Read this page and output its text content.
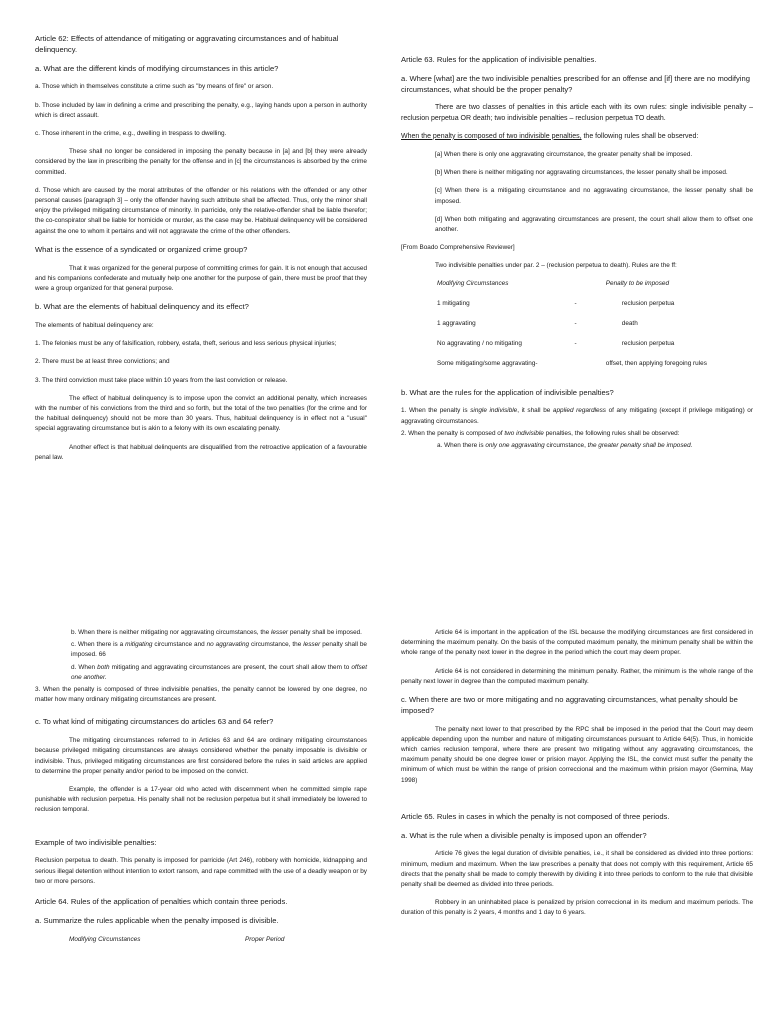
Article 62: Effects of attendance of mitigating or aggravating circumstances and of habitual delinquency.
a. What are the different kinds of modifying circumstances in this article?
a. Those which in themselves constitute a crime such as "by means of fire" or arson.
b. Those included by law in defining a crime and prescribing the penalty, e.g., laying hands upon a person in authority which is direct assault.
c. Those inherent in the crime, e.g., dwelling in trespass to dwelling.
These shall no longer be considered in imposing the penalty because in [a] and [b] they were already considered by the law in prescribing the penalty for the offense and in [c] the circumstances is absorbed by the crime committed.
d. Those which are caused by the moral attributes of the offender or his relations with the offended or any other personal causes [paragraph 3] – only the offender having such attribute shall be affected. Thus, only the minor shall enjoy the privileged mitigating circumstance of minority. In parricide, only the relative-offender shall be liable therefor; the co-conspirator shall be liable for homicide or murder, as the case may be. Habitual delinquency will be considered against the one to whom it pertains and will not aggravate the crime of the other offenders.
What is the essence of a syndicated or organized crime group?
That it was organized for the general purpose of committing crimes for gain. It is not enough that accused and his companions confederate and mutually help one another for the purpose of gain, there must be proof that they were a group organized for that general purpose.
b. What are the elements of habitual delinquency and its effect?
The elements of habitual delinquency are:
1. The felonies must be any of falsification, robbery, estafa, theft, serious and less serious physical injuries;
2. There must be at least three convictions; and
3. The third conviction must take place within 10 years from the last conviction or release.
The effect of habitual delinquency is to impose upon the convict an additional penalty, which increases with the number of his convictions from the third and so forth, but the total of the two penalties (for the crime and for the habitual delinquency) should not be more than 30 years. Thus, habitual delinquency is in effect not a "usual" special aggravating circumstance but is akin to a felony with its own escalating penalty.
Another effect is that habitual delinquents are disqualified from the retroactive application of a favourable penal law.
Article 63. Rules for the application of indivisible penalties.
a. Where [what] are the two indivisible penalties prescribed for an offense and [if] there are no modifying circumstances, what should be the proper penalty?
There are two classes of penalties in this article each with its own rules: single indivisible penalty – reclusion perpetua OR death; two indivisible penalties – reclusion perpetua TO death.
When the penalty is composed of two indivisible penalties, the following rules shall be observed:
[a] When there is only one aggravating circumstance, the greater penalty shall be imposed.
[b] When there is neither mitigating nor aggravating circumstances, the lesser penalty shall be imposed.
[c] When there is a mitigating circumstance and no aggravating circumstance, the lesser penalty shall be imposed.
[d] When both mitigating and aggravating circumstances are present, the court shall allow them to offset one another.
[From Boado Comprehensive Reviewer]
Two indivisible penalties under par. 2 – (reclusion perpetua to death). Rules are the ff:
Modifying Circumstances		Penalty to be imposed
1 mitigating	-	reclusion perpetua
1 aggravating	-	death
No aggravating / no mitigating	-	reclusion perpetua
Some mitigating/some aggravating-		offset, then applying foregoing rules
b. What are the rules for the application of indivisible penalties?
1. When the penalty is single indivisible, it shall be applied regardless of any mitigating (except if privilege mitigating) or aggravating circumstances.
2. When the penalty is composed of two indivisible penalties, the following rules shall be observed:
a. When there is only one aggravating circumstance, the greater penalty shall be imposed.
b. When there is neither mitigating nor aggravating circumstances, the lesser penalty shall be imposed.
c. When there is a mitigating circumstance and no aggravating circumstance, the lesser penalty shall be imposed. 66
d. When both mitigating and aggravating circumstances are present, the court shall allow them to offset one another.
3. When the penalty is composed of three indivisible penalties, the penalty cannot be lowered by one degree, no matter how many ordinary mitigating circumstances are present.
c. To what kind of mitigating circumstances do articles 63 and 64 refer?
The mitigating circumstances referred to in Articles 63 and 64 are ordinary mitigating circumstances because privileged mitigating circumstances are always considered whether the penalty imposable is divisible or indivisible. Thus, privileged mitigating circumstances are first considered before the rules in said articles are applied to determine the proper penalty and/or period to be imposed on the convict.
Example, the offender is a 17-year old who acted with discernment when he committed simple rape punishable with reclusion perpetua. His penalty shall not be reclusion perpetua but it shall immediately be lowered to reclusion temporal.
Example of two indivisible penalties:
Reclusion perpetua to death. This penalty is imposed for parricide (Art 246), robbery with homicide, kidnapping and serious illegal detention without intention to extort ransom, and rape committed with the use of a deadly weapon or by two or more persons.
Article 64. Rules of the application of penalties which contain three periods.
a. Summarize the rules applicable when the penalty imposed is divisible.
Modifying Circumstances	Proper Period
Article 64 is important in the application of the ISL because the modifying circumstances are first considered in determining the maximum penalty. On the basis of the computed maximum penalty, the minimum penalty shall be within the whole range of the penalty next lower in the degree in the period which the court may deem proper.
Article 64 is not considered in determining the minimum penalty. Rather, the minimum is the whole range of the penalty next lower in degree than the computed maximum penalty.
c. When there are two or more mitigating and no aggravating circumstances, what penalty should be imposed?
The penalty next lower to that prescribed by the RPC shall be imposed in the period that the Court may deem applicable depending upon the number and nature of mitigating circumstances pursuant to Article 64(5). Thus, in homicide which carries reclusion temporal, where there are present two mitigating without any aggravating circumstances, the maximum penalty should be one degree lower or prision mayor. Applying the ISL, the convict must suffer the penalty the minimum of which must be within the range of prision correccional and the maximum within prision mayor (Germina, May 1998)
Article 65. Rules in cases in which the penalty is not composed of three periods.
a. What is the rule when a divisible penalty is imposed upon an offender?
Article 76 gives the legal duration of divisible penalties, i.e., it shall be considered as divided into three portions: minimum, medium and maximum. When the law prescribes a penalty that does not comply with this requirement, Article 65 directs that the penalty shall be made to comply therewith by dividing it into three periods to conform to the rule that divisible penalty shall be deemed as divided into three periods.
Robbery in an uninhabited place is penalized by prision correccional in its medium and maximum periods. The duration of this penalty is 2 years, 4 months and 1 day to 6 years.
